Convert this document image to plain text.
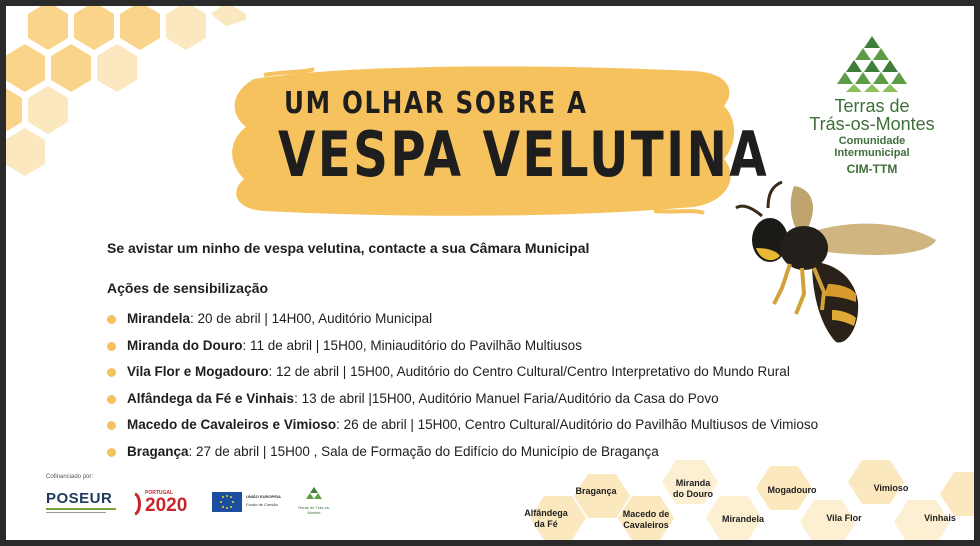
UM OLHAR SOBRE A
VESPA VELUTINA
Terras de
Trás-os-Montes
Comunidade Intermunicipal
CIM-TTM
Se avistar um ninho de vespa velutina, contacte a sua Câmara Municipal
Ações de sensibilização
Mirandela: 20 de abril | 14H00, Auditório Municipal
Miranda do Douro: 11 de abril | 15H00, Miniauditório do Pavilhão Multiusos
Vila Flor e Mogadouro: 12 de abril | 15H00, Auditório do Centro Cultural/Centro Interpretativo do Mundo Rural
Alfândega da Fé e Vinhais: 13 de abril |15H00, Auditório Manuel Faria/Auditório da Casa do Povo
Macedo de Cavaleiros e Vimioso: 26 de abril | 15H00, Centro Cultural/Auditório do Pavilhão Multiusos de Vimioso
Bragança: 27 de abril | 15H00 , Sala de Formação do Edifício do Município de Bragança
Cofinanciado por:
POSEUR	PORTUGAL
2020	UNIÃO EUROPEIA
Fundo de Coesão
Terras de Trás-os-Montes	Alfândega
da Fé
Bragança
Macedo de
Cavaleiros
Miranda
do Douro
Mirandela
Mogadouro
Vila Flor
Vimioso
Vinhais
